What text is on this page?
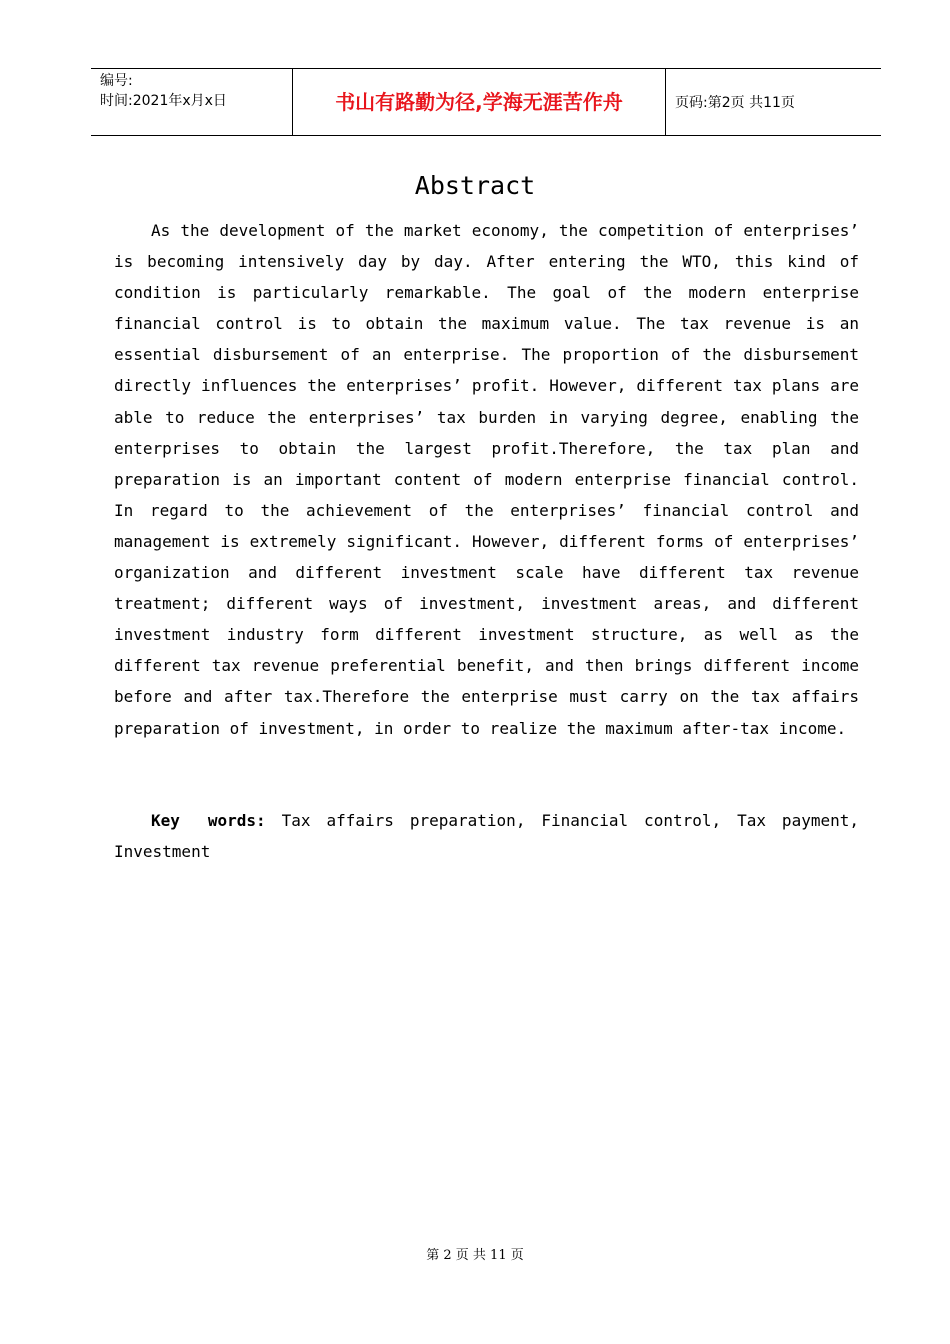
编号:
时间:2021年x月x日	书山有路勤为径,学海无涯苦作舟	页码:第2页 共11页
Abstract

As the development of the market economy, the competition of enterprises’ is becoming intensively day by day. After entering the WTO, this kind of condition is particularly remarkable. The goal of the modern enterprise financial control is to obtain the maximum value. The tax revenue is an essential disbursement of an enterprise. The proportion of the disbursement directly influences the enterprises’ profit. However, different tax plans are able to reduce the enterprises’ tax burden in varying degree, enabling the enterprises to obtain the largest profit.Therefore, the tax plan and preparation is an important content of modern enterprise financial control. In regard to the achievement of the enterprises’ financial control and management is extremely significant. However, different forms of enterprises’ organization and different investment scale have different tax revenue treatment; different ways of investment, investment areas, and different investment industry form different investment structure, as well as the different tax revenue preferential benefit, and then brings different income before and after tax.Therefore the enterprise must carry on the tax affairs preparation of investment, in order to realize the maximum after-tax income.

Key words: Tax affairs preparation, Financial control, Tax payment, Investment

第 2 页 共 11 页
